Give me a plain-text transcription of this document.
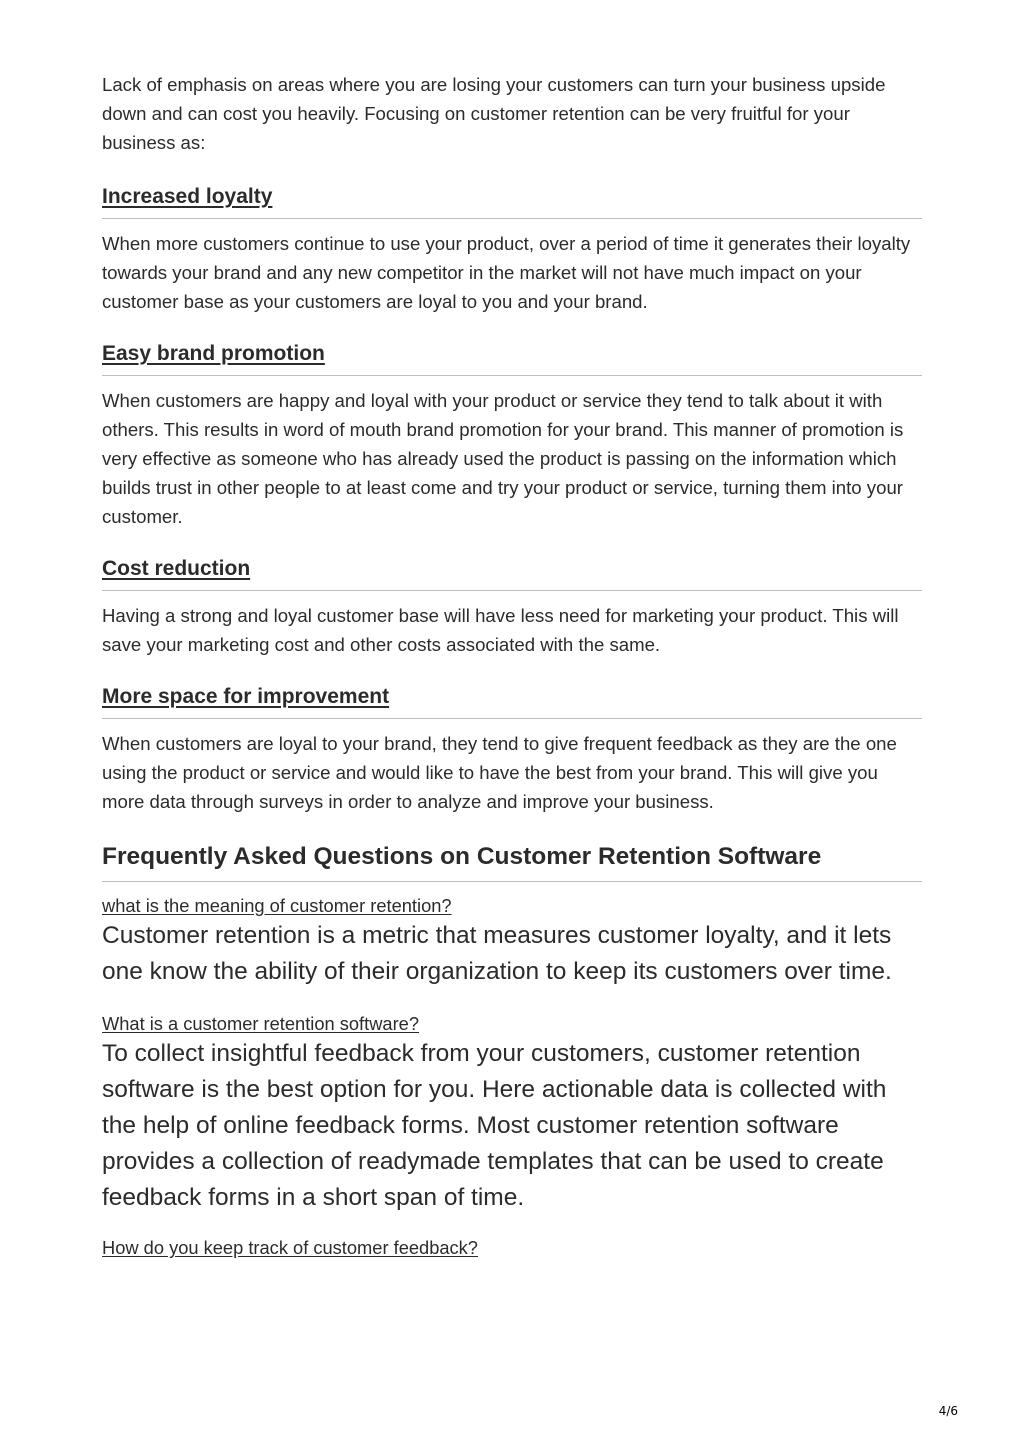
Lack of emphasis on areas where you are losing your customers can turn your business upside down and can cost you heavily. Focusing on customer retention can be very fruitful for your business as:

Increased loyalty

When more customers continue to use your product, over a period of time it generates their loyalty towards your brand and any new competitor in the market will not have much impact on your customer base as your customers are loyal to you and your brand.

Easy brand promotion

When customers are happy and loyal with your product or service they tend to talk about it with others. This results in word of mouth brand promotion for your brand. This manner of promotion is very effective as someone who has already used the product is passing on the information which builds trust in other people to at least come and try your product or service, turning them into your customer.

Cost reduction

Having a strong and loyal customer base will have less need for marketing your product. This will save your marketing cost and other costs associated with the same.

More space for improvement

When customers are loyal to your brand, they tend to give frequent feedback as they are the one using the product or service and would like to have the best from your brand. This will give you more data through surveys in order to analyze and improve your business.

Frequently Asked Questions on Customer Retention Software
what is the meaning of customer retention?

Customer retention is a metric that measures customer loyalty, and it lets one know the ability of their organization to keep its customers over time.

What is a customer retention software?

To collect insightful feedback from your customers, customer retention software is the best option for you. Here actionable data is collected with the help of online feedback forms. Most customer retention software provides a collection of readymade templates that can be used to create feedback forms in a short span of time.

How do you keep track of customer feedback?
4/6
